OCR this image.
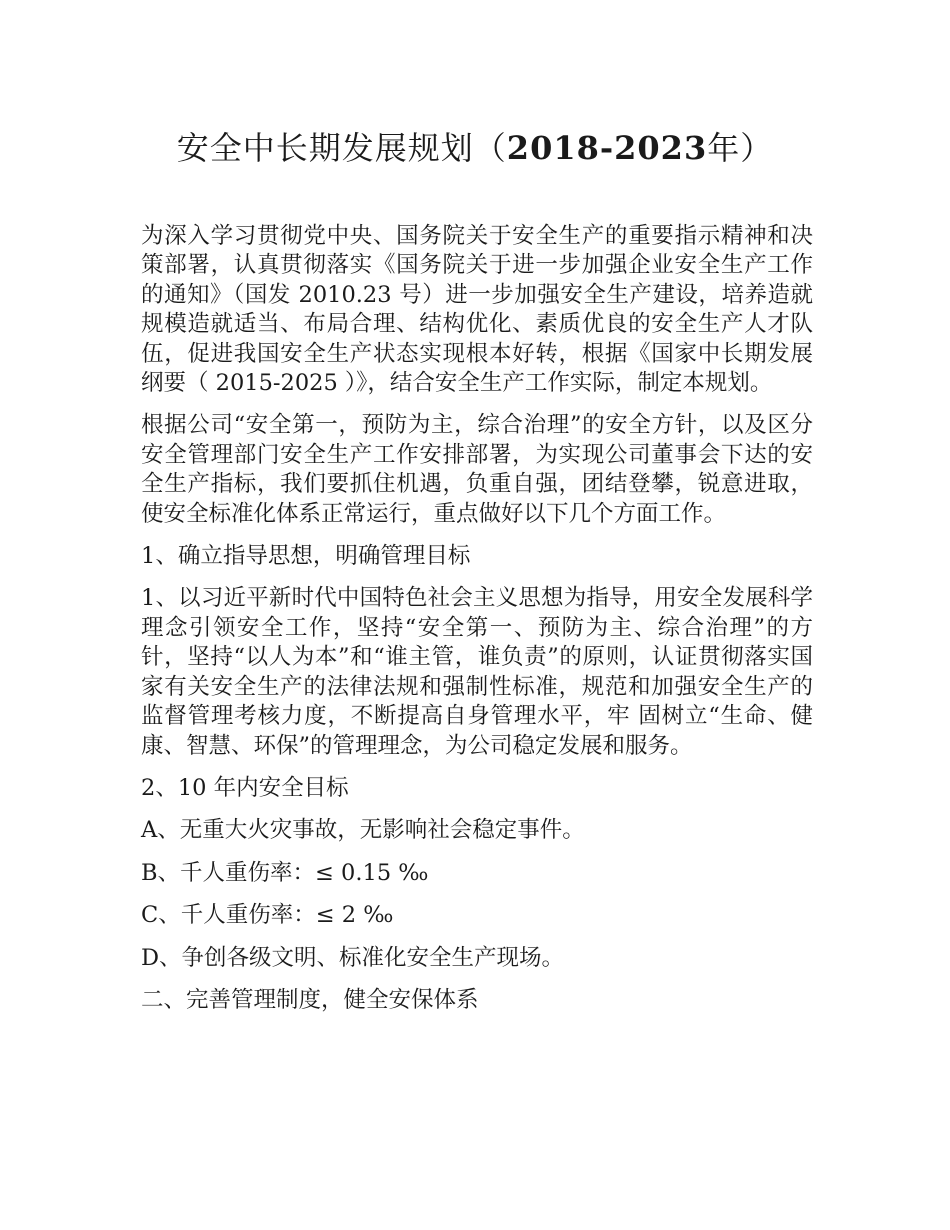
安全中长期发展规划（2018-2023年）

为深入学习贯彻党中央、国务院关于安全生产的重要指示精神和决策部署，认真贯彻落实《国务院关于进一步加强企业安全生产工作的通知》（国发 2010.23 号）进一步加强安全生产建设，培养造就规模造就适当、布局合理、结构优化、素质优良的安全生产人才队伍，促进我国安全生产状态实现根本好转，根据《国家中长期发展纲要（ 2015-2025 ）》，结合安全生产工作实际，制定本规划。

根据公司“安全第一，预防为主，综合治理”的安全方针，以及区分安全管理部门安全生产工作安排部署，为实现公司董事会下达的安全生产指标，我们要抓住机遇，负重自强，团结登攀，锐意进取，使安全标准化体系正常运行，重点做好以下几个方面工作。

1、确立指导思想，明确管理目标

1、以习近平新时代中国特色社会主义思想为指导，用安全发展科学理念引领安全工作，坚持“安全第一、预防为主、综合治理”的方针，坚持“以人为本”和“谁主管，谁负责”的原则，认证贯彻落实国家有关安全生产的法律法规和强制性标准，规范和加强安全生产的监督管理考核力度，不断提高自身管理水平，牢 固树立“生命、健康、智慧、环保”的管理理念，为公司稳定发展和服务。

2、10 年内安全目标

A、无重大火灾事故，无影响社会稳定事件。

B、千人重伤率：≤ 0.15 ‰

C、千人重伤率：≤ 2 ‰

D、争创各级文明、标准化安全生产现场。

二、完善管理制度，健全安保体系
